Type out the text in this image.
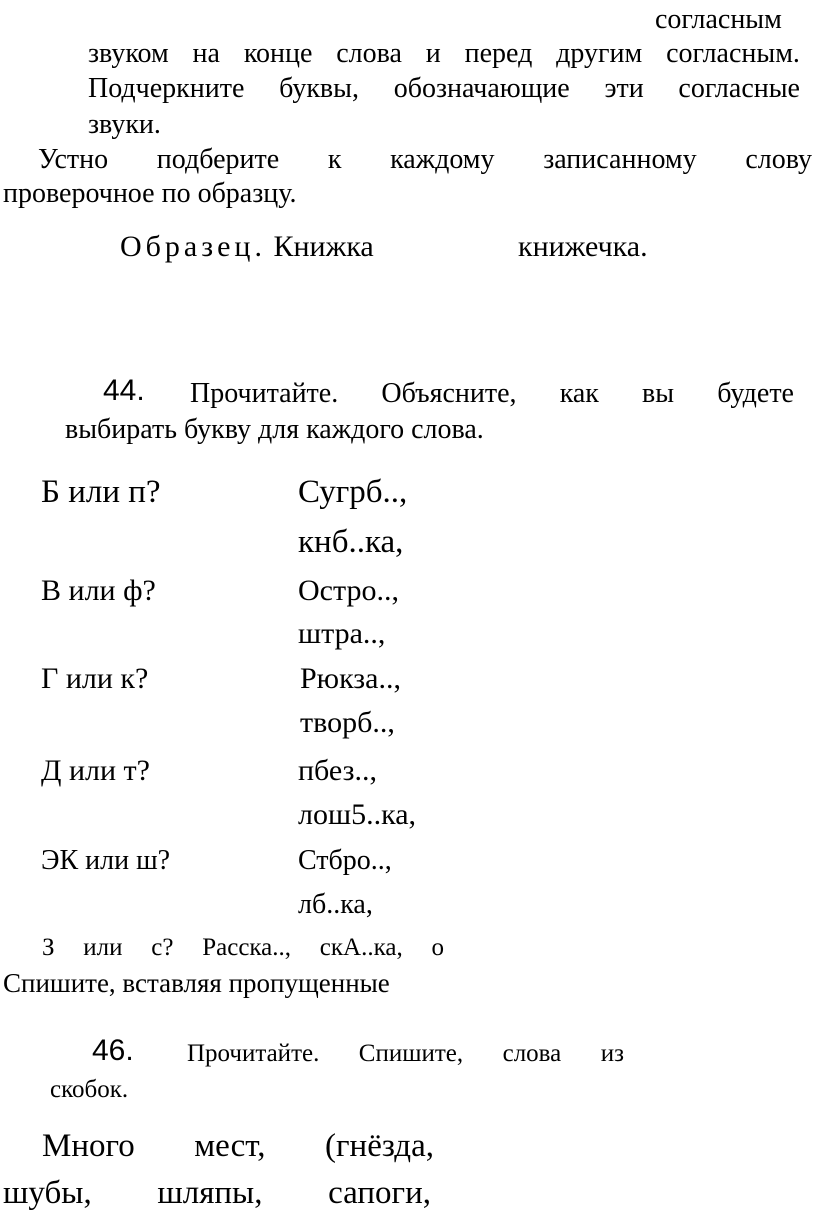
согласным
звуком на конце слова и перед другим согласным.
Подчеркните буквы, обозначающие эти согласные
звуки.
Устно подберите к каждому записанному слову
проверочное по образцу.
Образец. Книжка	книжечка.
44. Прочитайте. Объясните, как вы будете
выбирать букву для каждого слова.
Б или п?	Сугрб..,
кнб..ка,
В или ф?	Остро..,
штра..,
Г или к?	Рюкза..,
творб..,
Д или т?	пбез..,
лош5..ка,
ЭК или ш?	Стбро..,
лб..ка,
З или с? Расска.., скА..ка, о
Спишите, вставляя пропущенные
46. Прочитайте. Спишите, слова из
скобок.
Много мест, (гнёзда,
шубы, шляпы, сапоги,
